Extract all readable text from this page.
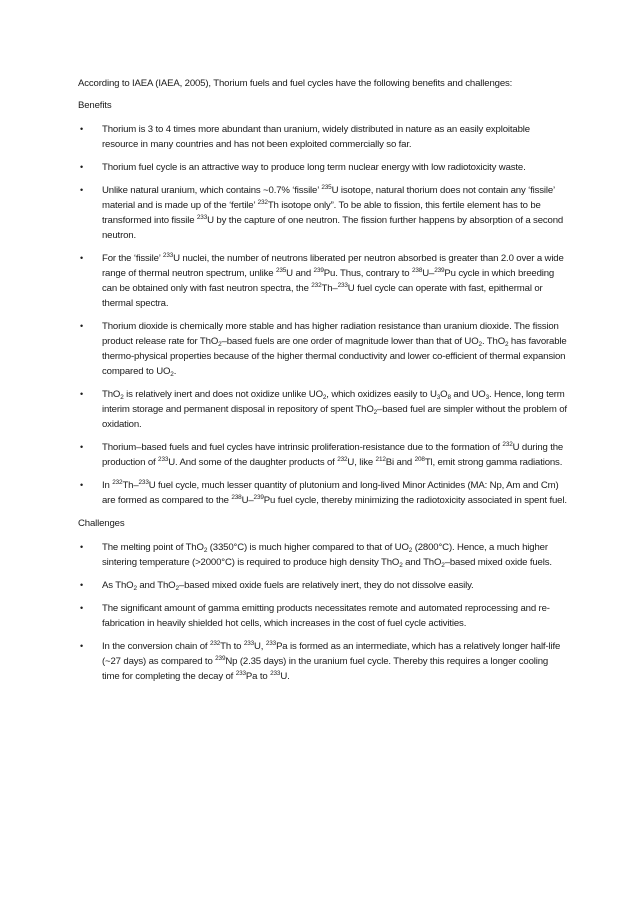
According to IAEA (IAEA, 2005), Thorium fuels and fuel cycles have the following benefits and challenges:

Benefits

• Thorium is 3 to 4 times more abundant than uranium, widely distributed in nature as an easily exploitable resource in many countries and has not been exploited commercially so far.
• Thorium fuel cycle is an attractive way to produce long term nuclear energy with low radiotoxicity waste.
• Unlike natural uranium, which contains ~0.7% ‘fissile’ $^{235}$U isotope, natural thorium does not contain any ‘fissile’ material and is made up of the ‘fertile’ $^{232}$Th isotope only”. To be able to fission, this fertile element has to be transformed into fissile $^{233}$U by the capture of one neutron. The fission further happens by absorption of a second neutron.
• For the ‘fissile’ $^{233}$U nuclei, the number of neutrons liberated per neutron absorbed is greater than 2.0 over a wide range of thermal neutron spectrum, unlike $^{235}$U and $^{239}$Pu. Thus, contrary to $^{238}$U–$^{239}$Pu cycle in which breeding can be obtained only with fast neutron spectra, the $^{232}$Th–$^{233}$U fuel cycle can operate with fast, epithermal or thermal spectra.
• Thorium dioxide is chemically more stable and has higher radiation resistance than uranium dioxide. The fission product release rate for ThO$_2$–based fuels are one order of magnitude lower than that of $UO_2$. ThO$_2$ has favorable thermo-physical properties because of the higher thermal conductivity and lower co-efficient of thermal expansion compared to $UO_2$.
• ThO$_2$ is relatively inert and does not oxidize unlike $UO_2$, which oxidizes easily to $U_3O_8$ and $UO_3$. Hence, long term interim storage and permanent disposal in repository of spent ThO$_2$–based fuel are simpler without the problem of oxidation.
• Thorium–based fuels and fuel cycles have intrinsic proliferation-resistance due to the formation of $^{232}$U during the production of $^{233}$U. And some of the daughter products of $^{232}$U, like $^{212}$Bi and $^{208}$Tl, emit strong gamma radiations.
• In $^{232}$Th–$^{233}$U fuel cycle, much lesser quantity of plutonium and long-lived Minor Actinides (MA: Np, Am and Cm) are formed as compared to the $^{238}$U–$^{239}$Pu fuel cycle, thereby minimizing the radiotoxicity associated in spent fuel.

Challenges

• The melting point of ThO$_2$ (3350°C) is much higher compared to that of $UO_2$ (2800°C). Hence, a much higher sintering temperature (>2000°C) is required to produce high density ThO$_2$ and ThO$_2$–based mixed oxide fuels.
• As ThO$_2$ and ThO$_2$–based mixed oxide fuels are relatively inert, they do not dissolve easily.
• The significant amount of gamma emitting products necessitates remote and automated reprocessing and re-fabrication in heavily shielded hot cells, which increases in the cost of fuel cycle activities.
• In the conversion chain of $^{232}$Th to $^{233}$U, $^{233}$Pa is formed as an intermediate, which has a relatively longer half-life (~27 days) as compared to $^{239}$Np (2.35 days) in the uranium fuel cycle. Thereby this requires a longer cooling time for completing the decay of $^{233}$Pa to $^{233}$U.
